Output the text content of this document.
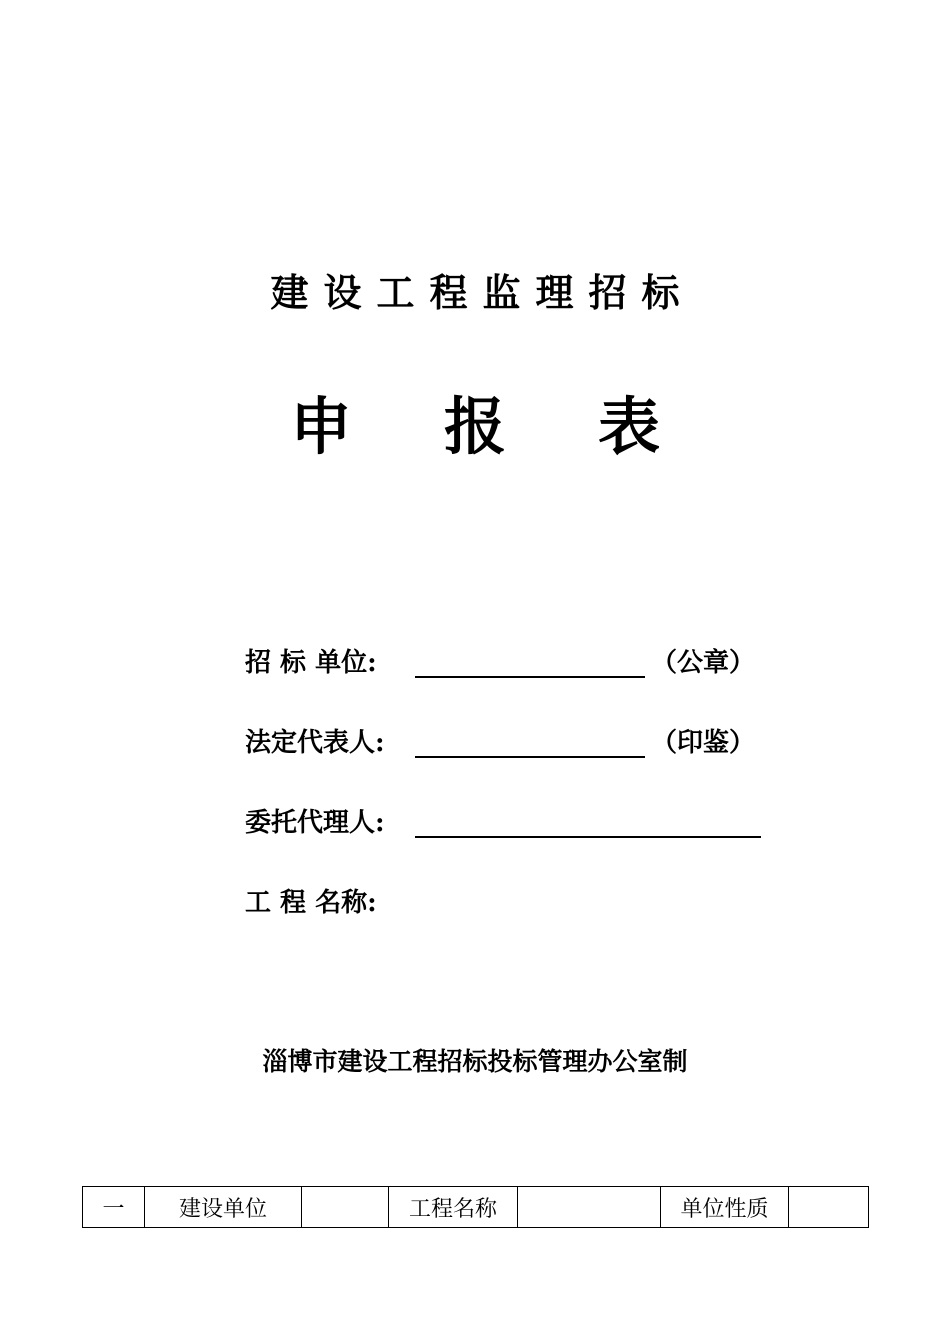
建设工程监理招标
申报表
招 标 单位:	（公章）
法定代表人:	（印鉴）
委托代理人:
工 程 名称:
淄博市建设工程招标投标管理办公室制
一	建设单位		工程名称		单位性质	
